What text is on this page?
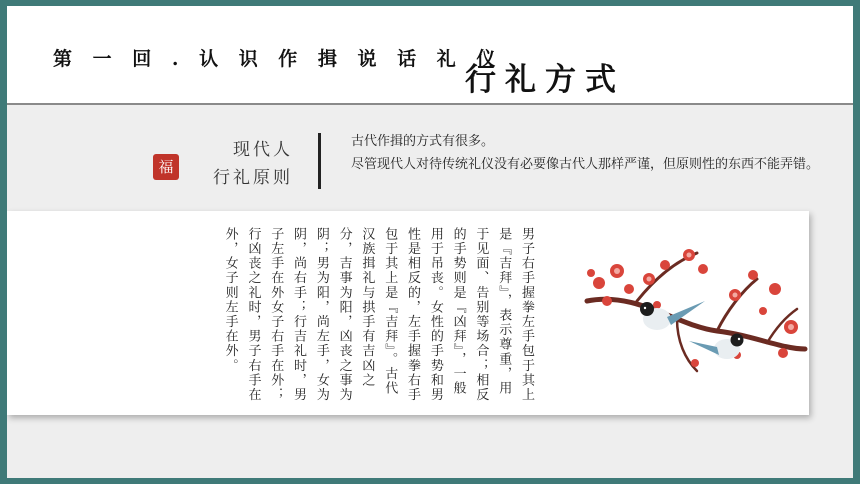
第 一 回 . 认 识 作 揖 说 话 礼 仪
行礼方式
福
现代人
行礼原则

古代作揖的方式有很多。

尽管现代人对待传统礼仪没有必要像古代人那样严谨，但原则性的东西不能弄错。

男子右手握拳左手包于其上是『吉拜』，表示尊重，用于见面、告别等场合；相反的手势则是『凶拜』，一般用于吊丧。女性的手势和男性是相反的，左手握拳右手包于其上是『吉拜』。古代汉族揖礼与拱手有吉凶之分，吉事为阳，凶丧之事为阴；男为阳，尚左手，女为阴，尚右手；行吉礼时，男子左手在外女子右手在外；行凶丧之礼时，男子右手在外，女子则左手在外。
